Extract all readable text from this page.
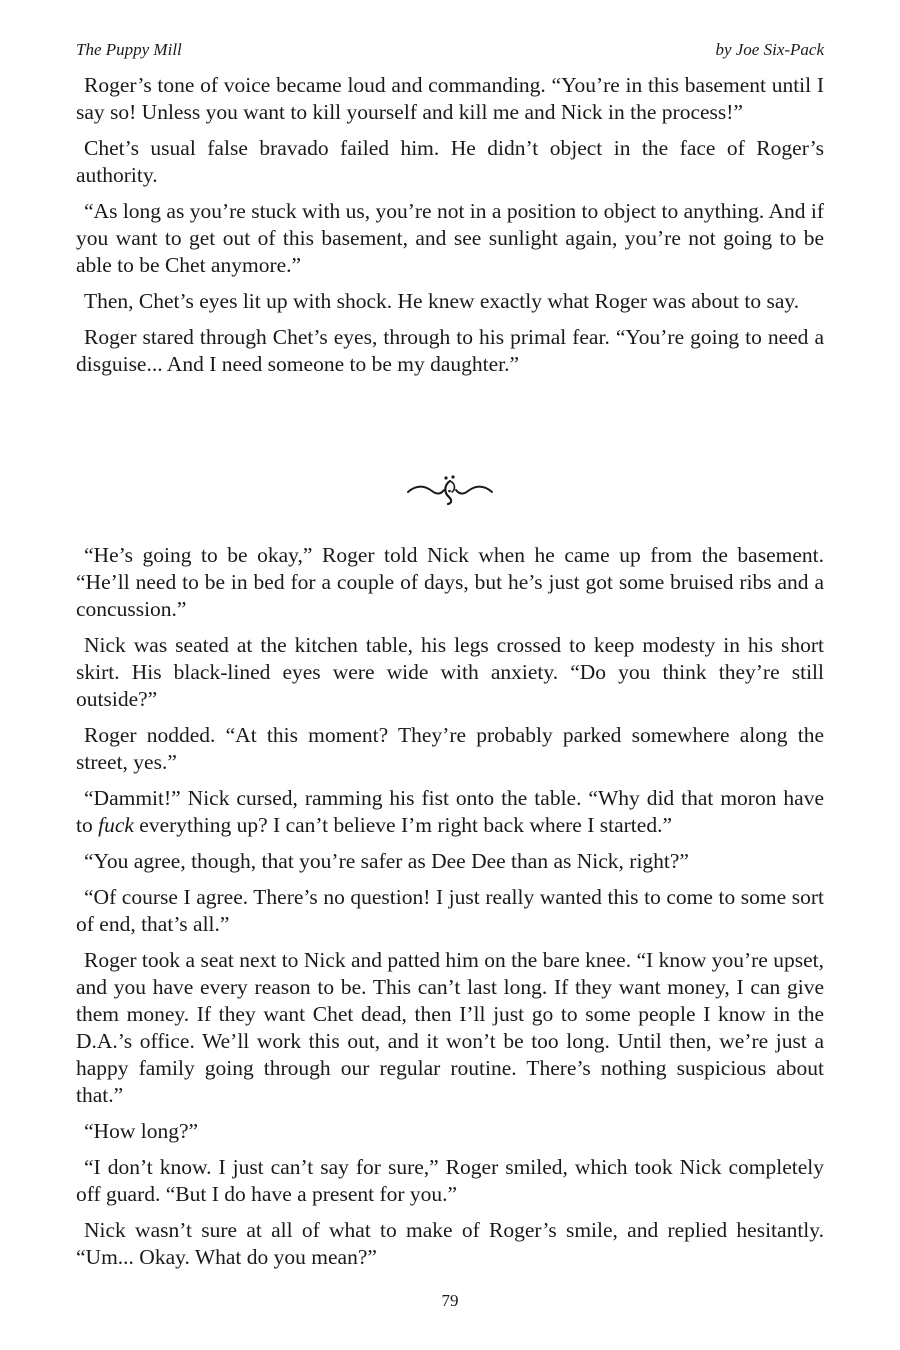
The Puppy Mill	by Joe Six-Pack

Roger’s tone of voice became loud and commanding. “You’re in this basement until I say so! Unless you want to kill yourself and kill me and Nick in the process!”

Chet’s usual false bravado failed him. He didn’t object in the face of Roger’s authority.

“As long as you’re stuck with us, you’re not in a position to object to anything. And if you want to get out of this basement, and see sunlight again, you’re not going to be able to be Chet anymore.”

Then, Chet’s eyes lit up with shock. He knew exactly what Roger was about to say.

Roger stared through Chet’s eyes, through to his primal fear. “You’re going to need a disguise... And I need someone to be my daughter.”

“He’s going to be okay,” Roger told Nick when he came up from the basement. “He’ll need to be in bed for a couple of days, but he’s just got some bruised ribs and a concussion.”

Nick was seated at the kitchen table, his legs crossed to keep modesty in his short skirt. His black-lined eyes were wide with anxiety. “Do you think they’re still outside?”

Roger nodded. “At this moment? They’re probably parked somewhere along the street, yes.”

“Dammit!” Nick cursed, ramming his fist onto the table. “Why did that moron have to fuck everything up? I can’t believe I’m right back where I started.”

“You agree, though, that you’re safer as Dee Dee than as Nick, right?”

“Of course I agree. There’s no question! I just really wanted this to come to some sort of end, that’s all.”

Roger took a seat next to Nick and patted him on the bare knee. “I know you’re upset, and you have every reason to be. This can’t last long. If they want money, I can give them money. If they want Chet dead, then I’ll just go to some people I know in the D.A.’s office. We’ll work this out, and it won’t be too long. Until then, we’re just a happy family going through our regular routine. There’s nothing suspicious about that.”

“How long?”

“I don’t know. I just can’t say for sure,” Roger smiled, which took Nick completely off guard. “But I do have a present for you.”

Nick wasn’t sure at all of what to make of Roger’s smile, and replied hesitantly. “Um... Okay. What do you mean?”

79
